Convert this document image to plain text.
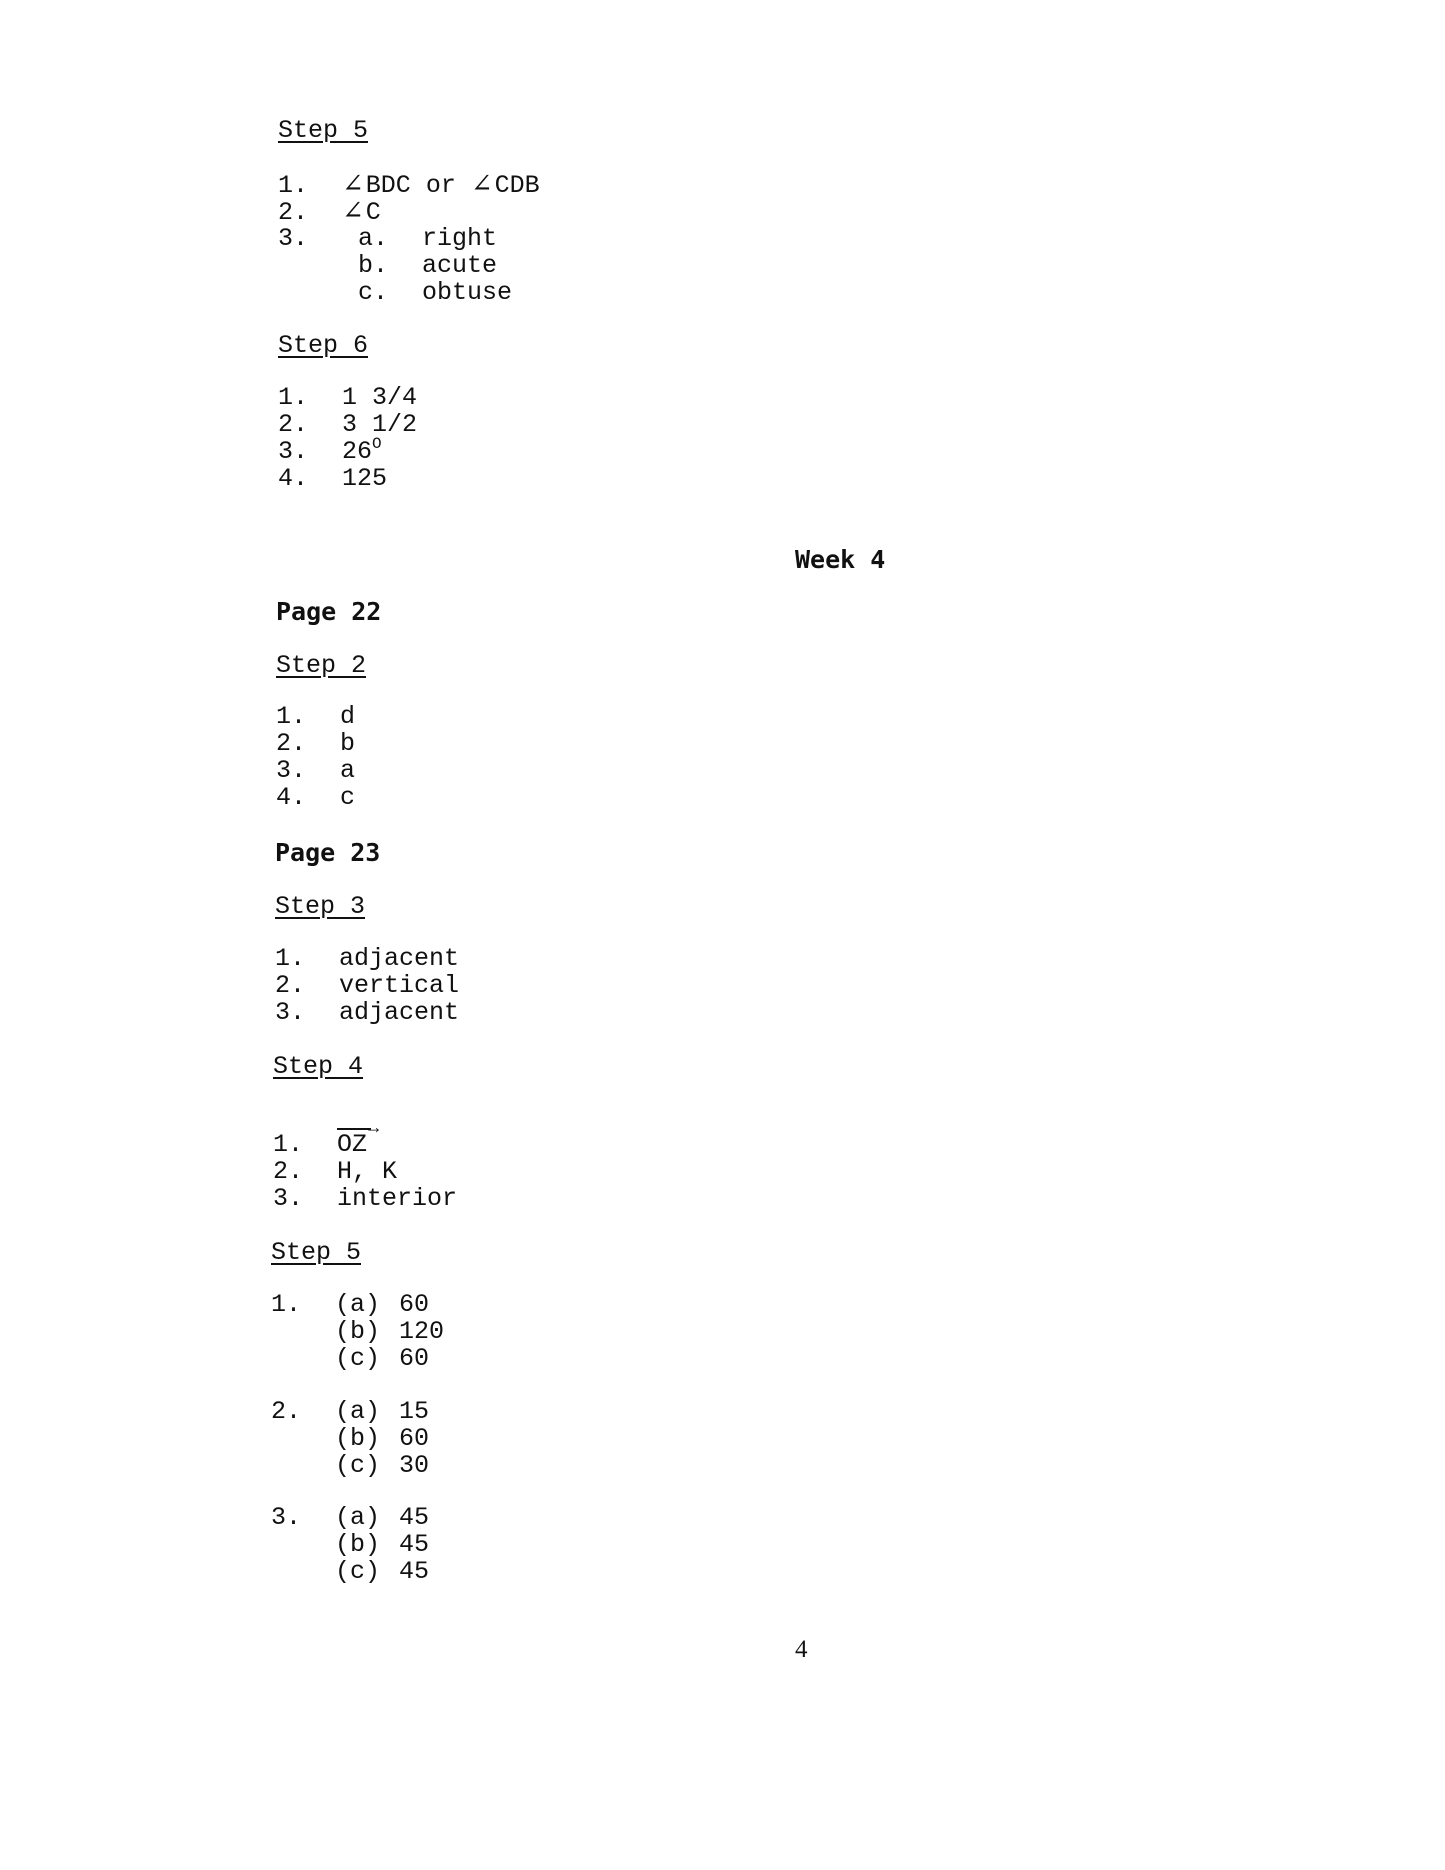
Step 5
1. ∠BDC or ∠CDB
2. ∠C
3. a. right
b. acute
c. obtuse
Step 6
1. 1 3/4
2. 3 1/2
3. $26^O$
4. 125
Week 4
Page 22
Step 2
1. d
2. b
3. a
4. c
Page 23
Step 3
1. adjacent
2. vertical
3. adjacent
Step 4
1.
→
OZ
2. H, K
3. interior
Step 5
1. (a) 60
(b) 120
(c) 60
2. (a) 15
(b) 60
(c) 30
3. (a) 45
(b) 45
(c) 45
4
